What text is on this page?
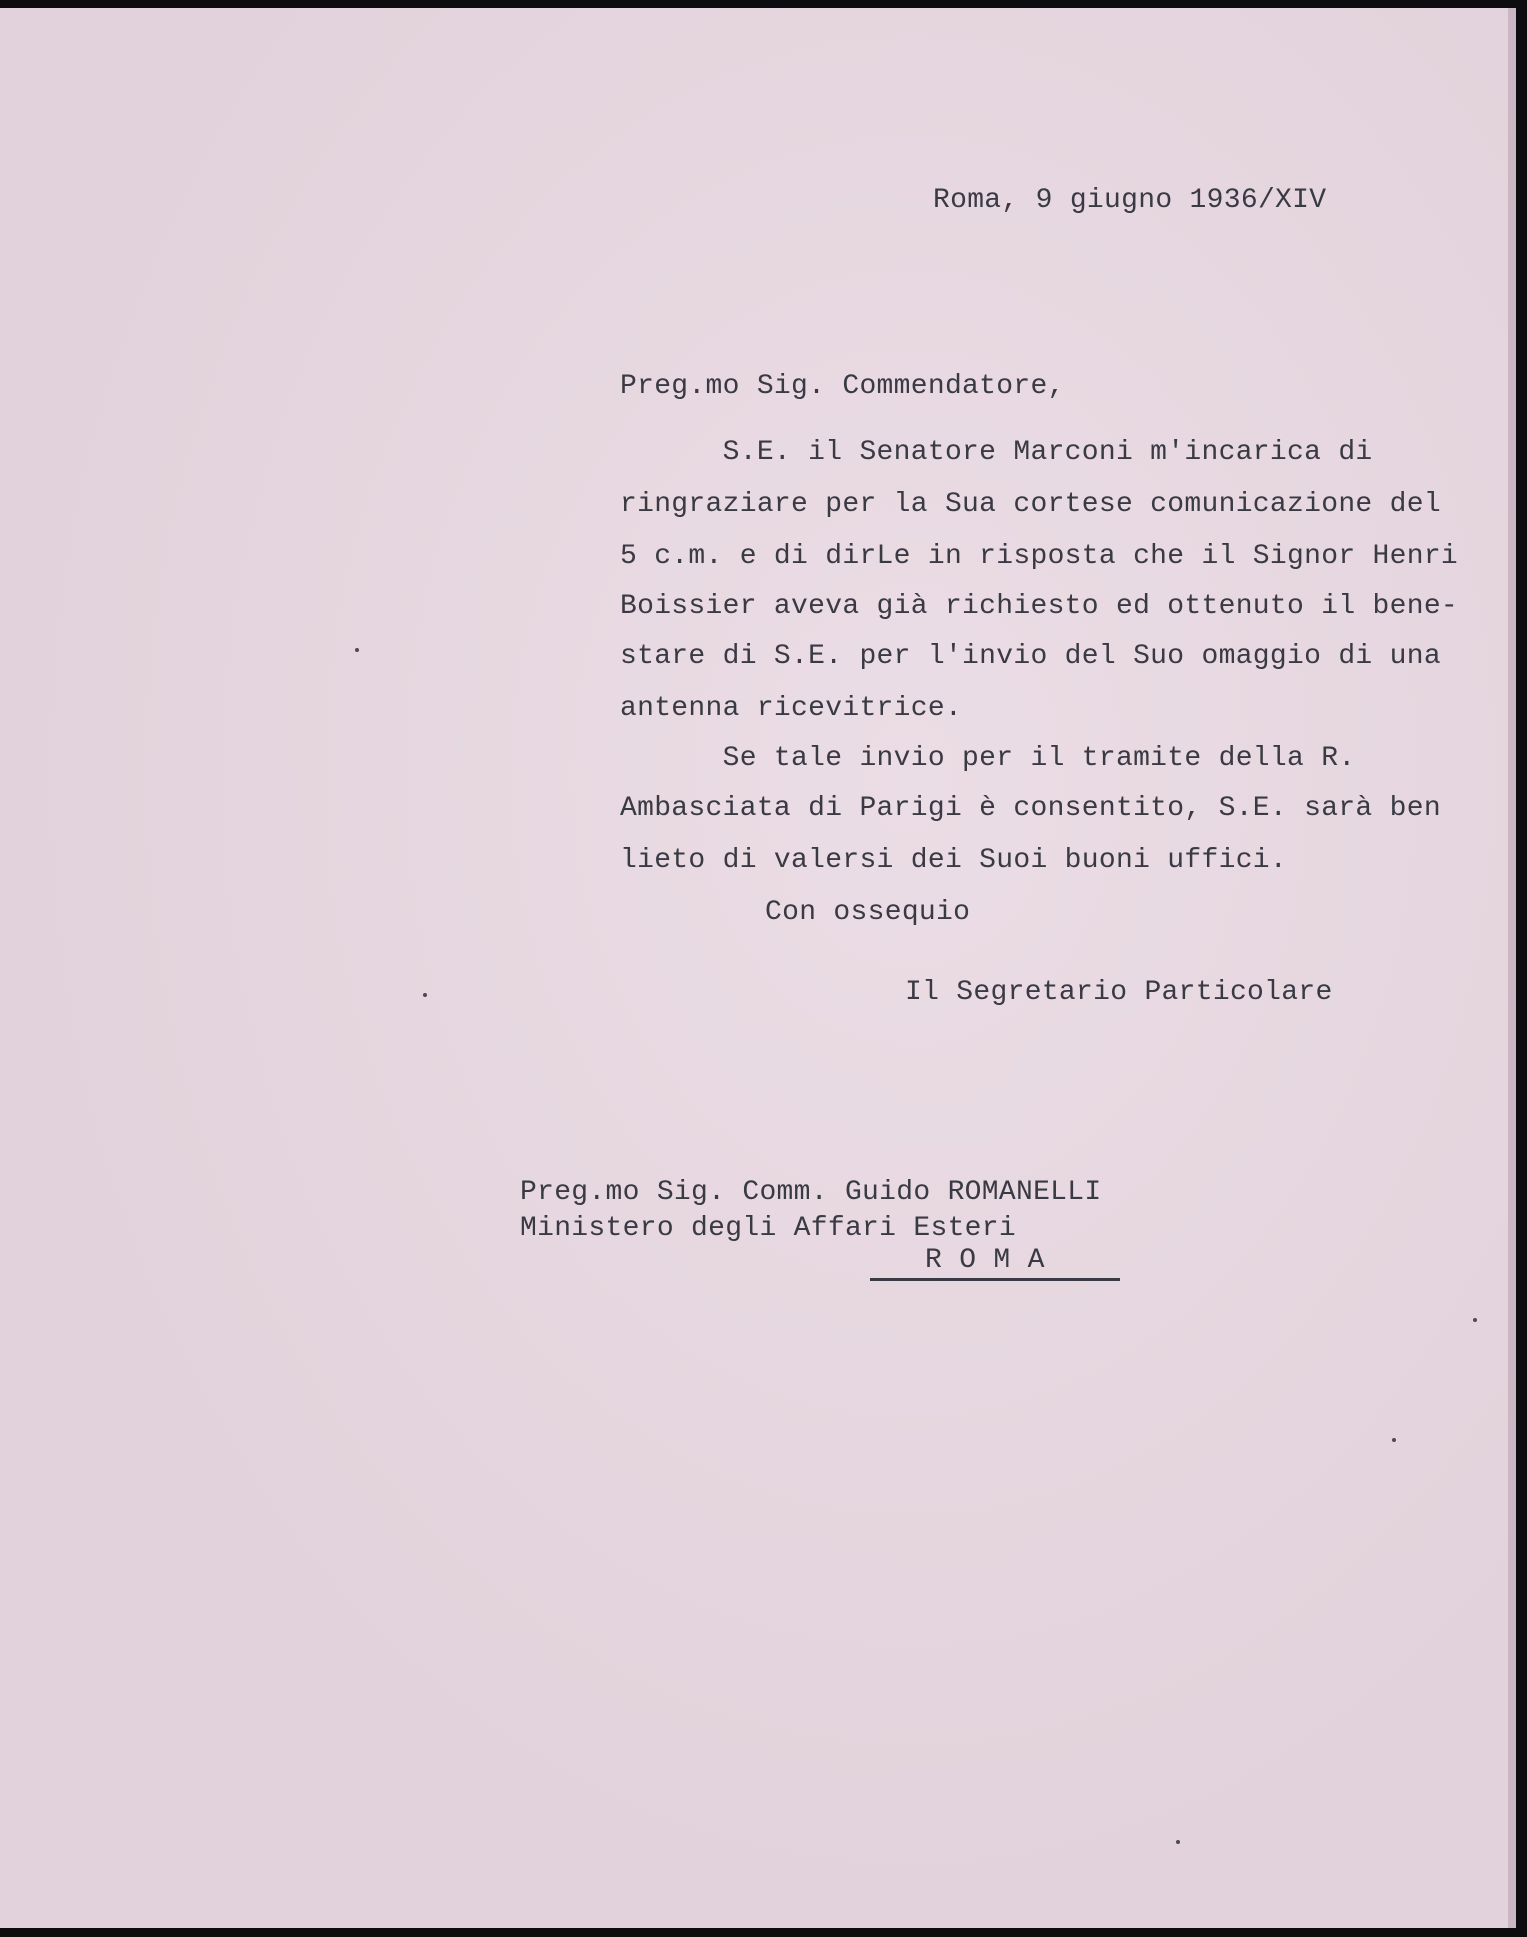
Roma, 9 giugno 1936/XIV
Preg.mo Sig. Commendatore,
S.E. il Senatore Marconi m'incarica di
ringraziare per la Sua cortese comunicazione del
5 c.m. e di dirLe in risposta che il Signor Henri
Boissier aveva già richiesto ed ottenuto il bene-
stare di S.E. per l'invio del Suo omaggio di una
antenna ricevitrice.
Se tale invio per il tramite della R.
Ambasciata di Parigi è consentito, S.E. sarà ben
lieto di valersi dei Suoi buoni uffici.
Con ossequio
Il Segretario Particolare
Preg.mo Sig. Comm. Guido ROMANELLI
Ministero degli Affari Esteri
R O M A
